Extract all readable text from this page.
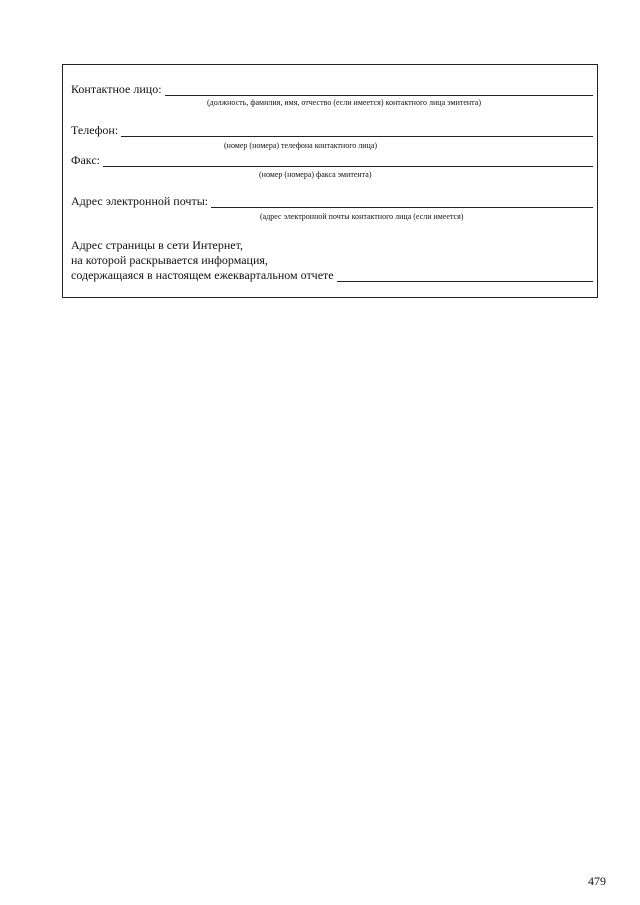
Контактное лицо:
(должность, фамилия, имя, отчество (если имеется) контактного лица эмитента)
Телефон:
(номер (номера) телефона контактного лица)
Факс:
(номер (номера) факса эмитента)
Адрес электронной почты:
(адрес электронной почты контактного лица (если имеется)
Адрес страницы в сети Интернет,
на которой раскрывается информация,
содержащаяся в настоящем ежеквартальном отчете
479
